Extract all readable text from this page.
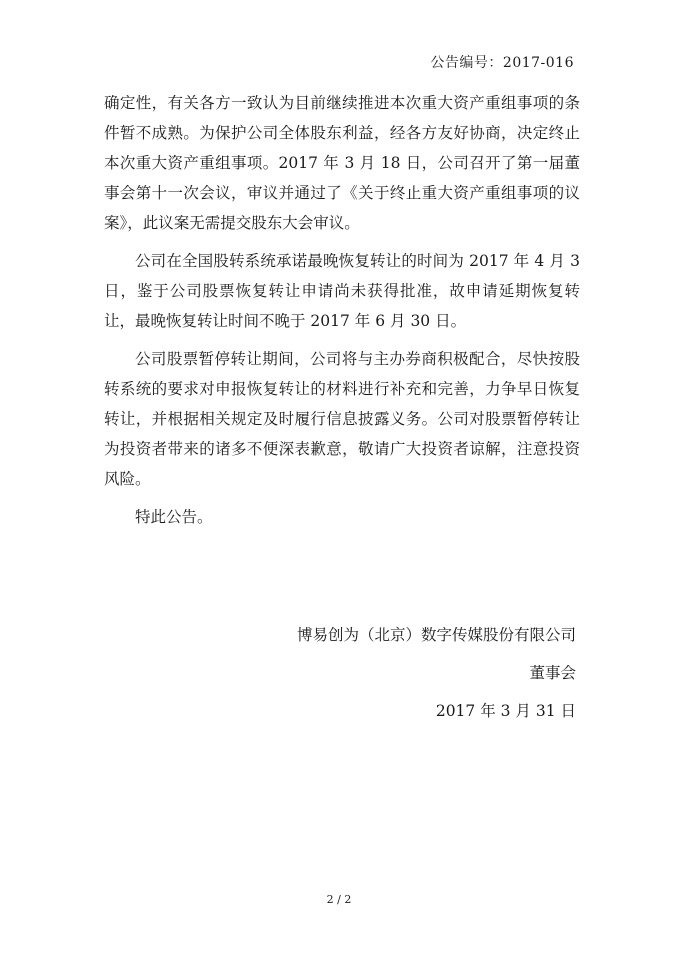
公告编号：2017-016

确定性，有关各方一致认为目前继续推进本次重大资产重组事项的条件暂不成熟。为保护公司全体股东利益，经各方友好协商，决定终止本次重大资产重组事项。2017 年 3 月 18 日，公司召开了第一届董事会第十一次会议，审议并通过了《关于终止重大资产重组事项的议案》，此议案无需提交股东大会审议。

公司在全国股转系统承诺最晚恢复转让的时间为 2017 年 4 月 3 日，鉴于公司股票恢复转让申请尚未获得批准，故申请延期恢复转让，最晚恢复转让时间不晚于 2017 年 6 月 30 日。

公司股票暂停转让期间，公司将与主办券商积极配合，尽快按股转系统的要求对申报恢复转让的材料进行补充和完善，力争早日恢复转让，并根据相关规定及时履行信息披露义务。公司对股票暂停转让为投资者带来的诸多不便深表歉意，敬请广大投资者谅解，注意投资风险。

特此公告。

博易创为（北京）数字传媒股份有限公司
董事会
2017 年 3 月 31 日
2 / 2
